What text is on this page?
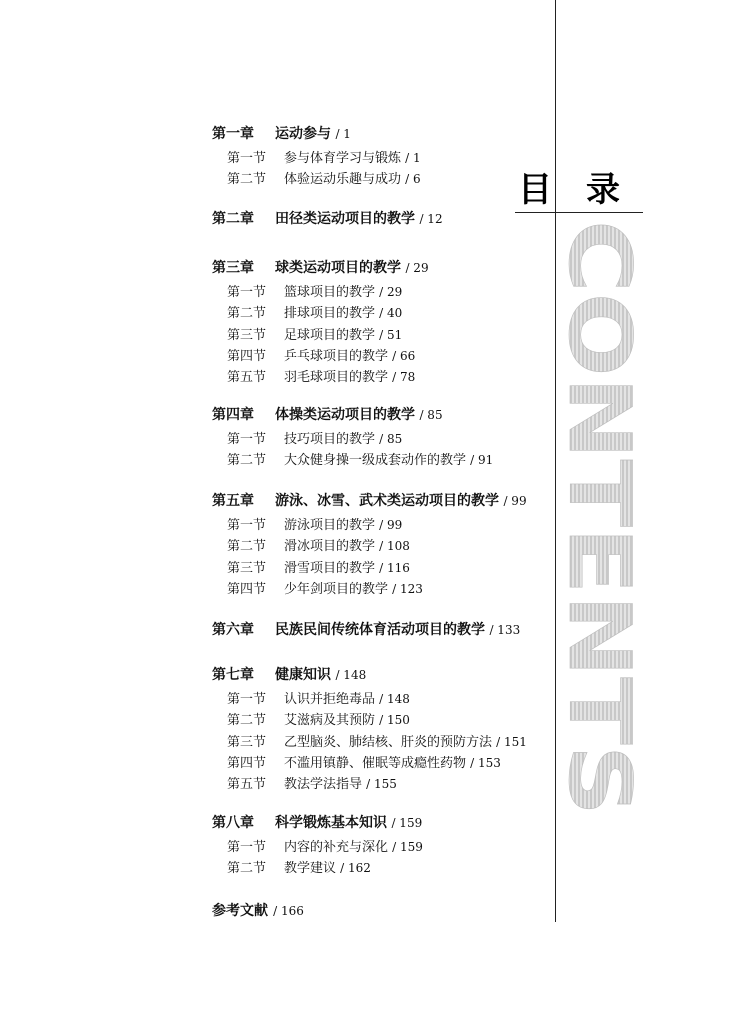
目录
CONTENTS
第一章 运动参与 / 1
第一节 参与体育学习与锻炼 / 1
第二节 体验运动乐趣与成功 / 6
第二章 田径类运动项目的教学 / 12
第三章 球类运动项目的教学 / 29
第一节 篮球项目的教学 / 29
第二节 排球项目的教学 / 40
第三节 足球项目的教学 / 51
第四节 乒乓球项目的教学 / 66
第五节 羽毛球项目的教学 / 78
第四章 体操类运动项目的教学 / 85
第一节 技巧项目的教学 / 85
第二节 大众健身操一级成套动作的教学 / 91
第五章 游泳、冰雪、武术类运动项目的教学 / 99
第一节 游泳项目的教学 / 99
第二节 滑冰项目的教学 / 108
第三节 滑雪项目的教学 / 116
第四节 少年剑项目的教学 / 123
第六章 民族民间传统体育活动项目的教学 / 133
第七章 健康知识 / 148
第一节 认识并拒绝毒品 / 148
第二节 艾滋病及其预防 / 150
第三节 乙型脑炎、肺结核、肝炎的预防方法 / 151
第四节 不滥用镇静、催眠等成瘾性药物 / 153
第五节 教法学法指导 / 155
第八章 科学锻炼基本知识 / 159
第一节 内容的补充与深化 / 159
第二节 教学建议 / 162
参考文献 / 166
